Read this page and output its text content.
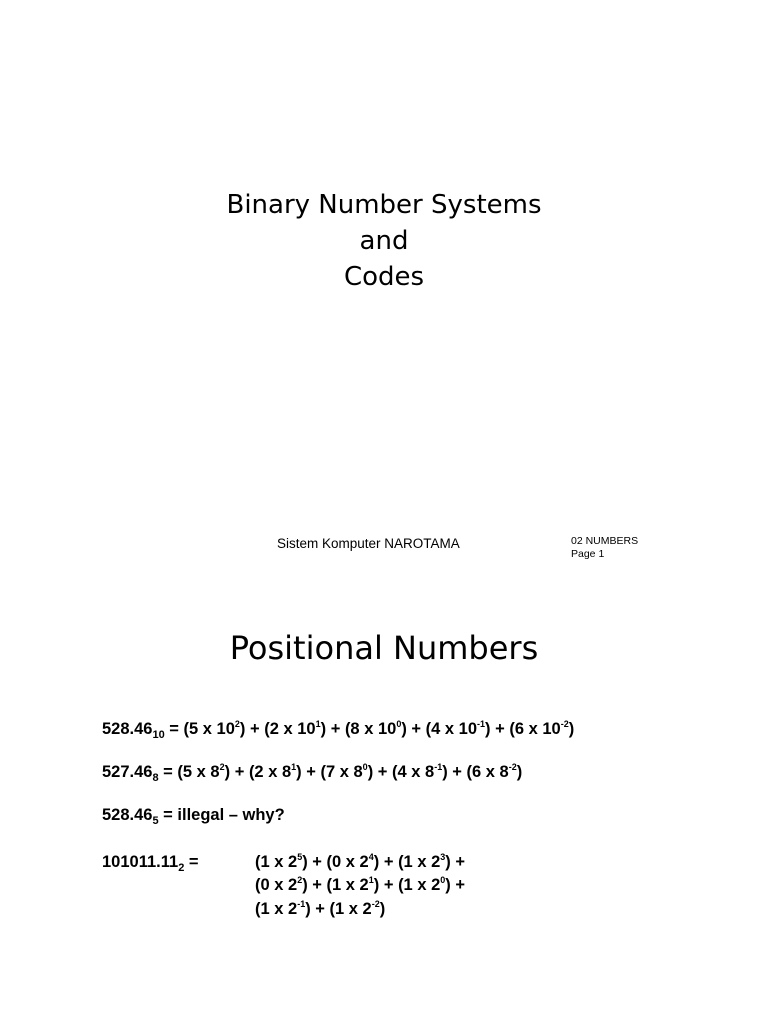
Binary Number Systems
and
Codes
Sistem Komputer NAROTAMA	02 NUMBERS
Page 1
Positional Numbers
$528.46_{10} = (5$ x $10^2) + (2$ x $10^1) + (8$ x $10^0) + (4$ x $10^{-1}) + (6$ x $10^{-2}$)
$527.46_8 = (5$ x $8^2) + (2$ x $8^1) + (7$ x $8^0) + (4$ x $8^{-1}) + (6$ x $8^{-2}$)
$528.46_5$ = illegal – why?
$101011.11_2$ =	(1 x $2^5) + (0$ x $2^4) + (1$ x $2^3$) +
(0 x $2^2) + (1$ x $2^1) + (1$ x $2^0$) +
(1 x $2^{-1}) + (1$ x $2^{-2}$)
